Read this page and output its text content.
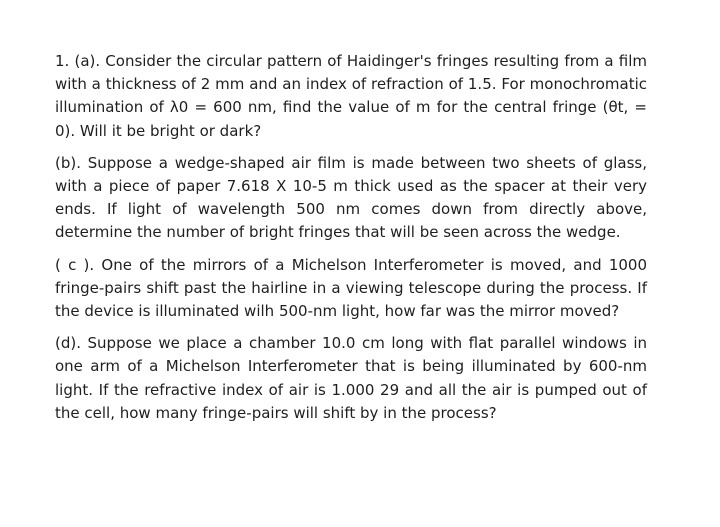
1. (a). Consider the circular pattern of Haidinger's fringes resulting from a film with a thickness of 2 mm and an index of refraction of 1.5. For monochromatic illumination of λ0 = 600 nm, find the value of m for the central fringe (θt, = 0). Will it be bright or dark?

(b). Suppose a wedge-shaped air film is made between two sheets of glass, with a piece of paper 7.618 X 10-5 m thick used as the spacer at their very ends. If light of wavelength 500 nm comes down from directly above, determine the number of bright fringes that will be seen across the wedge.

( c ). One of the mirrors of a Michelson Interferometer is moved, and 1000 fringe-pairs shift past the hairline in a viewing telescope during the process. If the device is illuminated wilh 500-nm light, how far was the mirror moved?

(d). Suppose we place a chamber 10.0 cm long with flat parallel windows in one arm of a Michelson Interferometer that is being illuminated by 600-nm light. If the refractive index of air is 1.000 29 and all the air is pumped out of the cell, how many fringe-pairs will shift by in the process?
